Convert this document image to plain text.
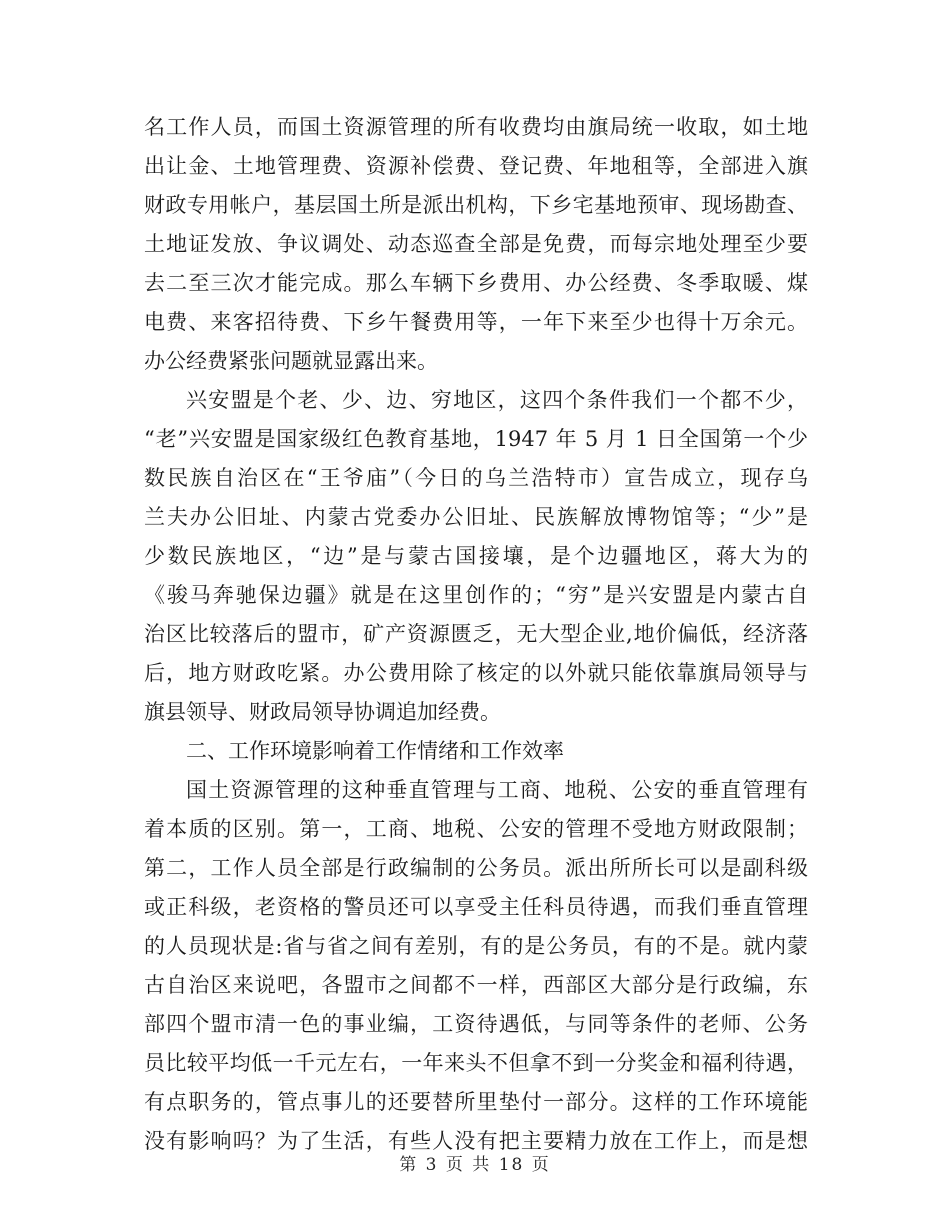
名工作人员，而国土资源管理的所有收费均由旗局统一收取，如土地
出让金、土地管理费、资源补偿费、登记费、年地租等，全部进入旗
财政专用帐户，基层国土所是派出机构，下乡宅基地预审、现场勘查、
土地证发放、争议调处、动态巡查全部是免费，而每宗地处理至少要
去二至三次才能完成。那么车辆下乡费用、办公经费、冬季取暖、煤
电费、来客招待费、下乡午餐费用等，一年下来至少也得十万余元。
办公经费紧张问题就显露出来。
兴安盟是个老、少、边、穷地区，这四个条件我们一个都不少，
“老”兴安盟是国家级红色教育基地，1947 年 5 月 1 日全国第一个少
数民族自治区在“王爷庙”（今日的乌兰浩特市）宣告成立，现存乌
兰夫办公旧址、内蒙古党委办公旧址、民族解放博物馆等；“少”是
少数民族地区，“边”是与蒙古国接壤，是个边疆地区，蒋大为的
《骏马奔驰保边疆》就是在这里创作的；“穷”是兴安盟是内蒙古自
治区比较落后的盟市，矿产资源匮乏，无大型企业,地价偏低，经济落
后，地方财政吃紧。办公费用除了核定的以外就只能依靠旗局领导与
旗县领导、财政局领导协调追加经费。
二、工作环境影响着工作情绪和工作效率
国土资源管理的这种垂直管理与工商、地税、公安的垂直管理有
着本质的区别。第一，工商、地税、公安的管理不受地方财政限制；
第二，工作人员全部是行政编制的公务员。派出所所长可以是副科级
或正科级，老资格的警员还可以享受主任科员待遇，而我们垂直管理
的人员现状是:省与省之间有差别，有的是公务员，有的不是。就内蒙
古自治区来说吧，各盟市之间都不一样，西部区大部分是行政编，东
部四个盟市清一色的事业编，工资待遇低，与同等条件的老师、公务
员比较平均低一千元左右，一年来头不但拿不到一分奖金和福利待遇，
有点职务的，管点事儿的还要替所里垫付一部分。这样的工作环境能
没有影响吗？为了生活，有些人没有把主要精力放在工作上，而是想
第 3 页 共 18 页
